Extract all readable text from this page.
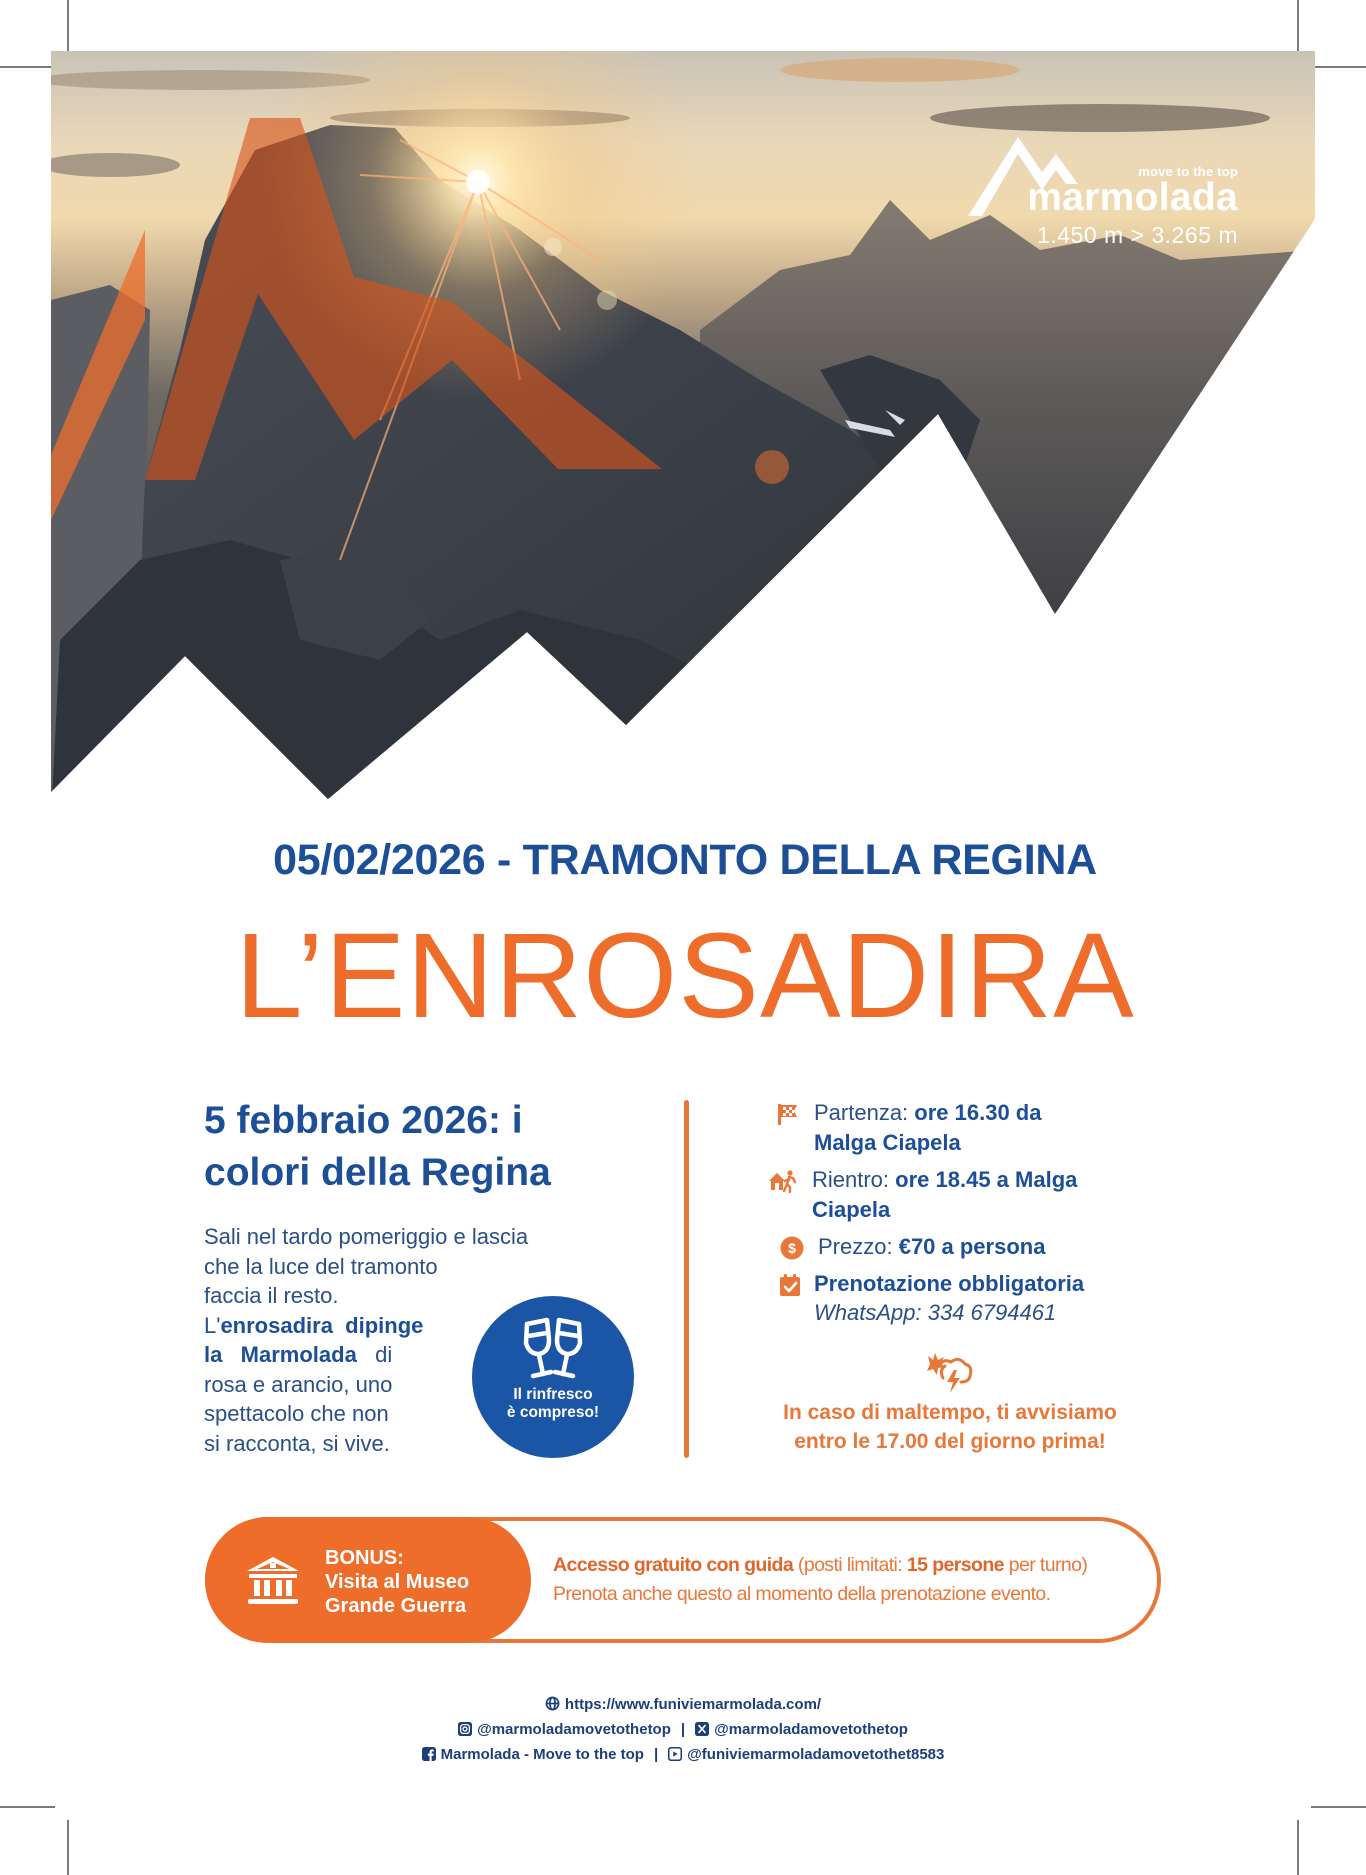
move to the top
marmolada
1.450 m > 3.265 m
05/02/2026 - TRAMONTO DELLA REGINA
L’ENROSADIRA
5 febbraio 2026: i
colori della Regina
Sali nel tardo pomeriggio e lascia
che la luce del tramonto
faccia il resto.
L'enrosadira  dipinge
la   Marmolada   di
rosa e arancio, uno
spettacolo che non
si racconta, si vive.
Il rinfresco
è compreso!
Partenza: ore 16.30 da
Malga Ciapela
Rientro: ore 18.45 a Malga
Ciapela
$ Prezzo: €70 a persona
Prenotazione obbligatoria
WhatsApp: 334 6794461
In caso di maltempo, ti avvisiamo
entro le 17.00 del giorno prima!
BONUS:
Visita al Museo
Grande Guerra
Accesso gratuito con guida (posti limitati: 15 persone per turno)
Prenota anche questo al momento della prenotazione evento.
https://www.funiviemarmolada.com/
@marmoladamovetothetop | @marmoladamovetothetop
Marmolada - Move to the top | @funiviemarmoladamovetothet8583
